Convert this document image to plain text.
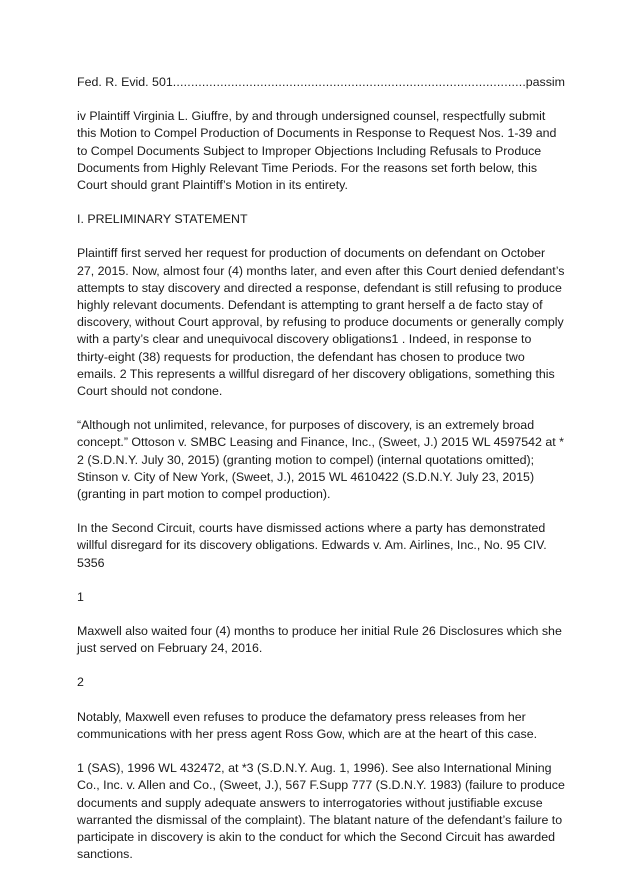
Fed. R. Evid. 501
.....	passim

iv Plaintiff Virginia L. Giuffre, by and through undersigned counsel, respectfully submit this Motion to Compel Production of Documents in Response to Request Nos. 1-39 and to Compel Documents Subject to Improper Objections Including Refusals to Produce Documents from Highly Relevant Time Periods. For the reasons set forth below, this Court should grant Plaintiff’s Motion in its entirety.

I. PRELIMINARY STATEMENT

Plaintiff first served her request for production of documents on defendant on October 27, 2015. Now, almost four (4) months later, and even after this Court denied defendant’s attempts to stay discovery and directed a response, defendant is still refusing to produce highly relevant documents. Defendant is attempting to grant herself a de facto stay of discovery, without Court approval, by refusing to produce documents or generally comply with a party’s clear and unequivocal discovery obligations1 . Indeed, in response to thirty-eight (38) requests for production, the defendant has chosen to produce two emails. 2 This represents a willful disregard of her discovery obligations, something this Court should not condone.

“Although not unlimited, relevance, for purposes of discovery, is an extremely broad concept.” Ottoson v. SMBC Leasing and Finance, Inc., (Sweet, J.) 2015 WL 4597542 at * 2 (S.D.N.Y. July 30, 2015) (granting motion to compel) (internal quotations omitted); Stinson v. City of New York, (Sweet, J.), 2015 WL 4610422 (S.D.N.Y. July 23, 2015) (granting in part motion to compel production).

In the Second Circuit, courts have dismissed actions where a party has demonstrated willful disregard for its discovery obligations. Edwards v. Am. Airlines, Inc., No. 95 CIV. 5356

1

Maxwell also waited four (4) months to produce her initial Rule 26 Disclosures which she just served on February 24, 2016.

2

Notably, Maxwell even refuses to produce the defamatory press releases from her communications with her press agent Ross Gow, which are at the heart of this case.

1 (SAS), 1996 WL 432472, at *3 (S.D.N.Y. Aug. 1, 1996). See also International Mining Co., Inc. v. Allen and Co., (Sweet, J.), 567 F.Supp 777 (S.D.N.Y. 1983) (failure to produce documents and supply adequate answers to interrogatories without justifiable excuse warranted the dismissal of the complaint). The blatant nature of the defendant’s failure to participate in discovery is akin to the conduct for which the Second Circuit has awarded sanctions.
